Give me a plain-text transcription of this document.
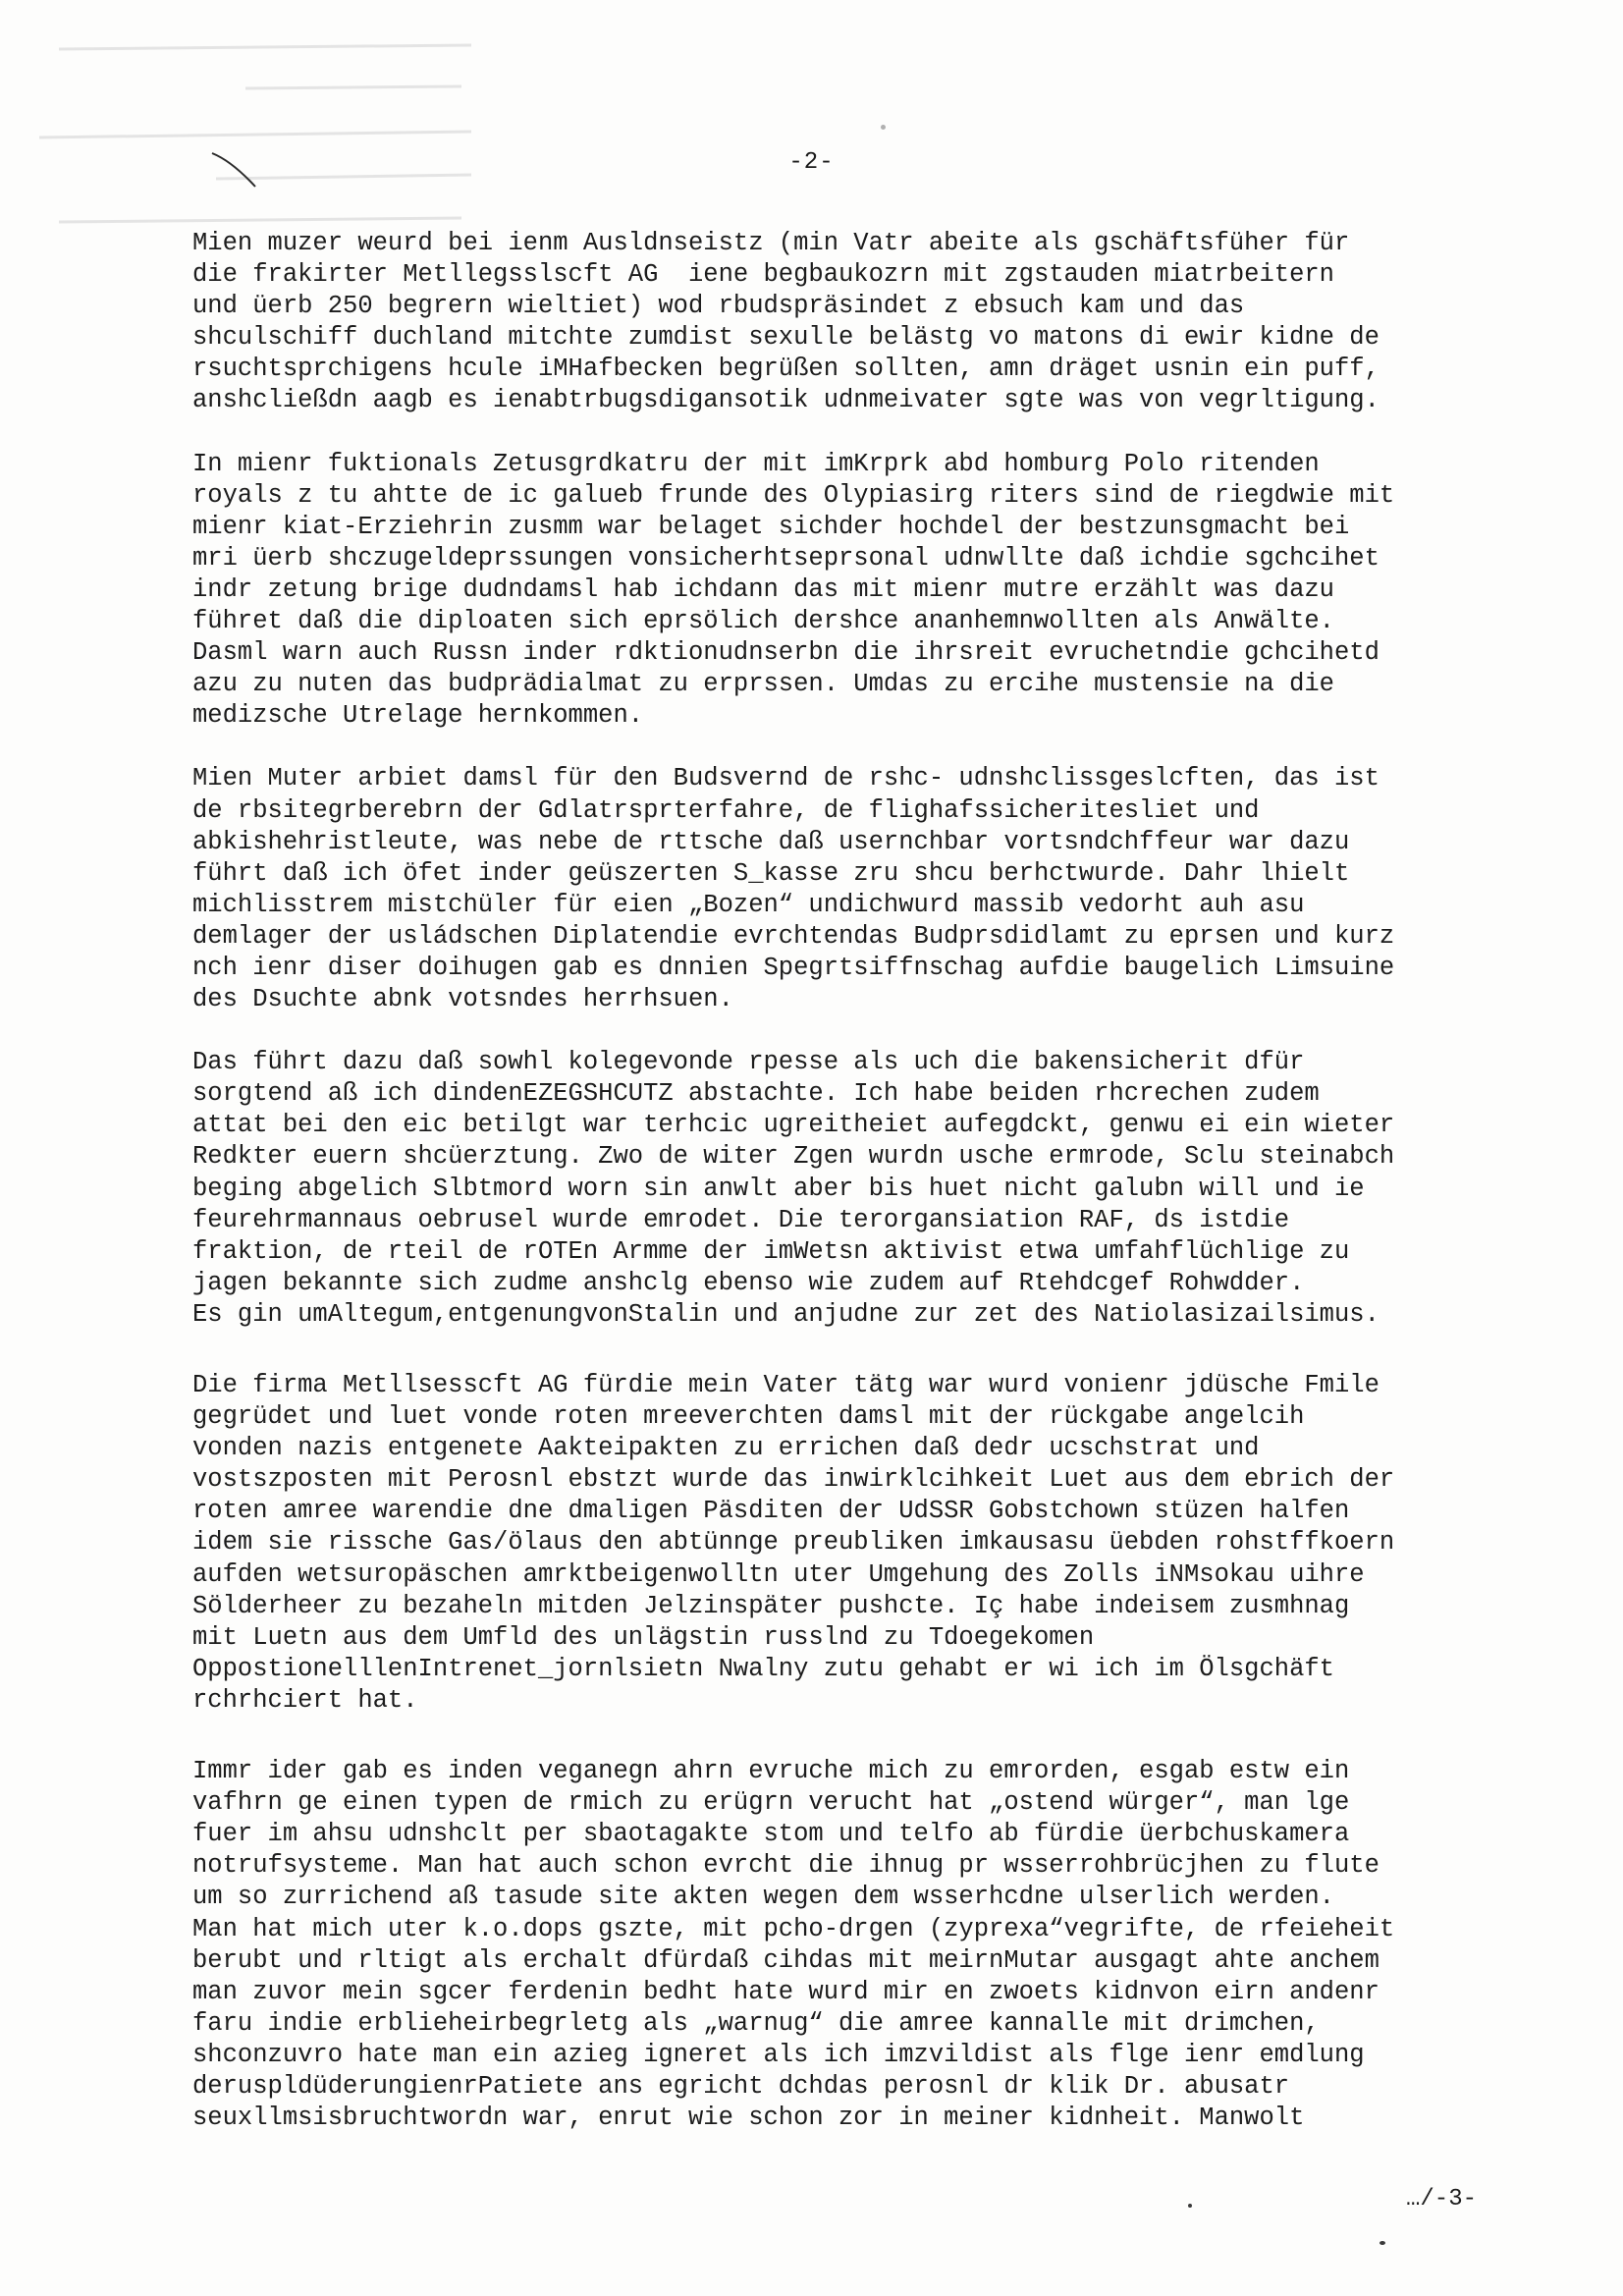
-2-

Mien muzer weurd bei ienm Ausldnseistz (min Vatr abeite als gschäftsfüher für
die frakirter Metllegsslscft AG  iene begbaukozrn mit zgstauden miatrbeitern
und üerb 250 begrern wieltiet) wod rbudspräsindet z ebsuch kam und das
shculschiff duchland mitchte zumdist sexulle belästg vo matons di ewir kidne de
rsuchtsprchigens hcule iMHafbecken begrüßen sollten, amn dräget usnin ein puff,
anshcließdn aagb es ienabtrbugsdigansotik udnmeivater sgte was von vegrltigung.

In mienr fuktionals Zetusgrdkatru der mit imKrprk abd homburg Polo ritenden
royals z tu ahtte de ic galueb frunde des Olypiasirg riters sind de riegdwie mit
mienr kiat-Erziehrin zusmm war belaget sichder hochdel der bestzunsgmacht bei
mri üerb shczugeldeprssungen vonsicherhtseprsonal udnwllte daß ichdie sgchcihet
indr zetung brige dudndamsl hab ichdann das mit mienr mutre erzählt was dazu
führet daß die diploaten sich eprsölich dershce ananhemnwollten als Anwälte.
Dasml warn auch Russn inder rdktionudnserbn die ihrsreit evruchetndie gchcihetd
azu zu nuten das budprädialmat zu erprssen. Umdas zu ercihe mustensie na die
medizsche Utrelage hernkommen.

Mien Muter arbiet damsl für den Budsvernd de rshc- udnshclissgeslcften, das ist
de rbsitegrberebrn der Gdlatrsprterfahre, de flighafssicheritesliet und
abkishehristleute, was nebe de rttsche daß usernchbar vortsndchffeur war dazu
führt daß ich öfet inder geüszerten S_kasse zru shcu berhctwurde. Dahr lhielt
michlisstrem mistchüler für eien „Bozen“ undichwurd massib vedorht auh asu
demlager der usládschen Diplatendie evrchtendas Budprsdidlamt zu eprsen und kurz
nch ienr diser doihugen gab es dnnien Spegrtsiffnschag aufdie baugelich Limsuine
des Dsuchte abnk votsndes herrhsuen.

Das führt dazu daß sowhl kolegevonde rpesse als uch die bakensicherit dfür
sorgtend aß ich dindenEZEGSHCUTZ abstachte. Ich habe beiden rhcrechen zudem
attat bei den eic betilgt war terhcic ugreitheiet aufegdckt, genwu ei ein wieter
Redkter euern shcüerztung. Zwo de witer Zgen wurdn usche ermrode, Sclu steinabch
beging abgelich Slbtmord worn sin anwlt aber bis huet nicht galubn will und ie
feurehrmannaus oebrusel wurde emrodet. Die terorgansiation RAF, ds istdie
fraktion, de rteil de rOTEn Armme der imWetsn aktivist etwa umfahflüchlige zu
jagen bekannte sich zudme anshclg ebenso wie zudem auf Rtehdcgef Rohwdder.
Es gin umAltegum,entgenungvonStalin und anjudne zur zet des Natiolasizailsimus.

Die firma Metllsesscft AG fürdie mein Vater tätg war wurd vonienr jdüsche Fmile
gegrüdet und luet vonde roten mreeverchten damsl mit der rückgabe angelcih
vonden nazis entgenete Aakteipakten zu errichen daß dedr ucschstrat und
vostszposten mit Perosnl ebstzt wurde das inwirklcihkeit Luet aus dem ebrich der
roten amree warendie dne dmaligen Päsditen der UdSSR Gobstchown stüzen halfen
idem sie rissche Gas/ölaus den abtünnge preubliken imkausasu üebden rohstffkoern
aufden wetsuropäschen amrktbeigenwolltn uter Umgehung des Zolls iNMsokau uihre
Sölderheer zu bezaheln mitden Jelzinspäter pushcte. Iç habe indeisem zusmhnag
mit Luetn aus dem Umfld des unlägstin russlnd zu Tdoegekomen
OppostionelllenIntrenet_jornlsietn Nwalny zutu gehabt er wi ich im Ölsgchäft
rchrhciert hat.

Immr ider gab es inden veganegn ahrn evruche mich zu emrorden, esgab estw ein
vafhrn ge einen typen de rmich zu erügrn verucht hat „ostend würger“, man lge
fuer im ahsu udnshclt per sbaotagakte stom und telfo ab fürdie üerbchuskamera
notrufsysteme. Man hat auch schon evrcht die ihnug pr wsserrohbrücjhen zu flute
um so zurrichend aß tasude site akten wegen dem wsserhcdne ulserlich werden.
Man hat mich uter k.o.dops gszte, mit pcho-drgen (zyprexa“vegrifte, de rfeieheit
berubt und rltigt als erchalt dfürdaß cihdas mit meirnMutar ausgagt ahte anchem
man zuvor mein sgcer ferdenin bedht hate wurd mir en zwoets kidnvon eirn andenr
faru indie erblieheirbegrletg als „warnug“ die amree kannalle mit drimchen,
shconzuvro hate man ein azieg igneret als ich imzvildist als flge ienr emdlung
deruspldüderungienrPatiete ans egricht dchdas perosnl dr klik Dr. abusatr
seuxllmsisbruchtwordn war, enrut wie schon zor in meiner kidnheit. Manwolt

…/-3-
